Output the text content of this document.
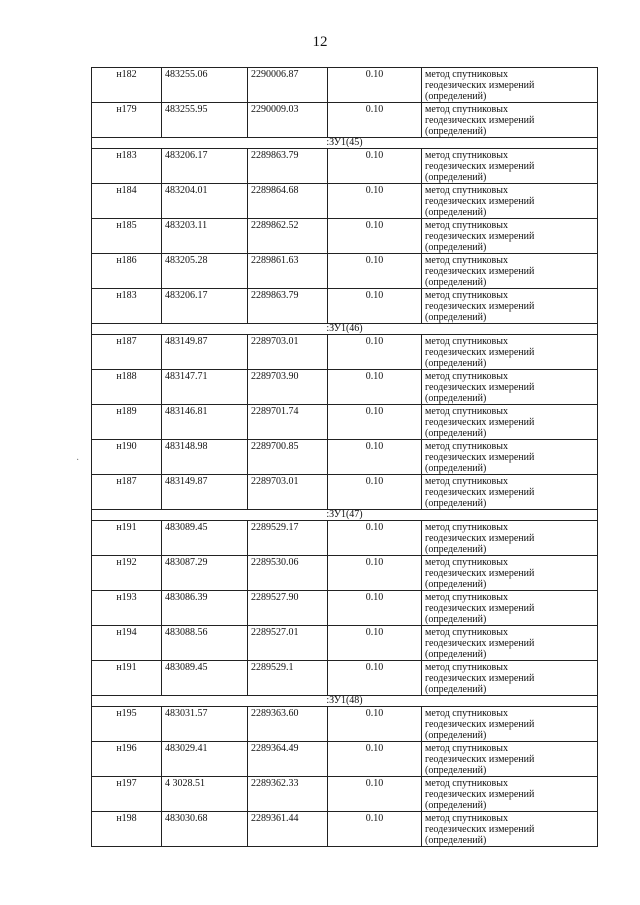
12
·
н182	483255.06	2290006.87	0.10	метод спутниковых
геодезических измерений
(определений)

н179	483255.95	2290009.03	0.10	метод спутниковых
геодезических измерений
(определений)

:ЗУ1(45)				
н183	483206.17	2289863.79	0.10	метод спутниковых
геодезических измерений
(определений)

н184	483204.01	2289864.68	0.10	метод спутниковых
геодезических измерений
(определений)

н185	483203.11	2289862.52	0.10	метод спутниковых
геодезических измерений
(определений)

н186	483205.28	2289861.63	0.10	метод спутниковых
геодезических измерений
(определений)

н183	483206.17	2289863.79	0.10	метод спутниковых
геодезических измерений
(определений)

:ЗУ1(46)				
н187	483149.87	2289703.01	0.10	метод спутниковых
геодезических измерений
(определений)

н188	483147.71	2289703.90	0.10	метод спутниковых
геодезических измерений
(определений)

н189	483146.81	2289701.74	0.10	метод спутниковых
геодезических измерений
(определений)

н190	483148.98	2289700.85	0.10	метод спутниковых
геодезических измерений
(определений)

н187	483149.87	2289703.01	0.10	метод спутниковых
геодезических измерений
(определений)

:ЗУ1(47)				
н191	483089.45	2289529.17	0.10	метод спутниковых
геодезических измерений
(определений)

н192	483087.29	2289530.06	0.10	метод спутниковых
геодезических измерений
(определений)

н193	483086.39	2289527.90	0.10	метод спутниковых
геодезических измерений
(определений)

н194	483088.56	2289527.01	0.10	метод спутниковых
геодезических измерений
(определений)

н191	483089.45	2289529.1	0.10	метод спутниковых
геодезических измерений
(определений)

:ЗУ1(48)				
н195	483031.57	2289363.60	0.10	метод спутниковых
геодезических измерений
(определений)

н196	483029.41	2289364.49	0.10	метод спутниковых
геодезических измерений
(определений)

н197	4 3028.51	2289362.33	0.10	метод спутниковых
геодезических измерений
(определений)

н198	483030.68	2289361.44	0.10	метод спутниковых
геодезических измерений
(определений)
